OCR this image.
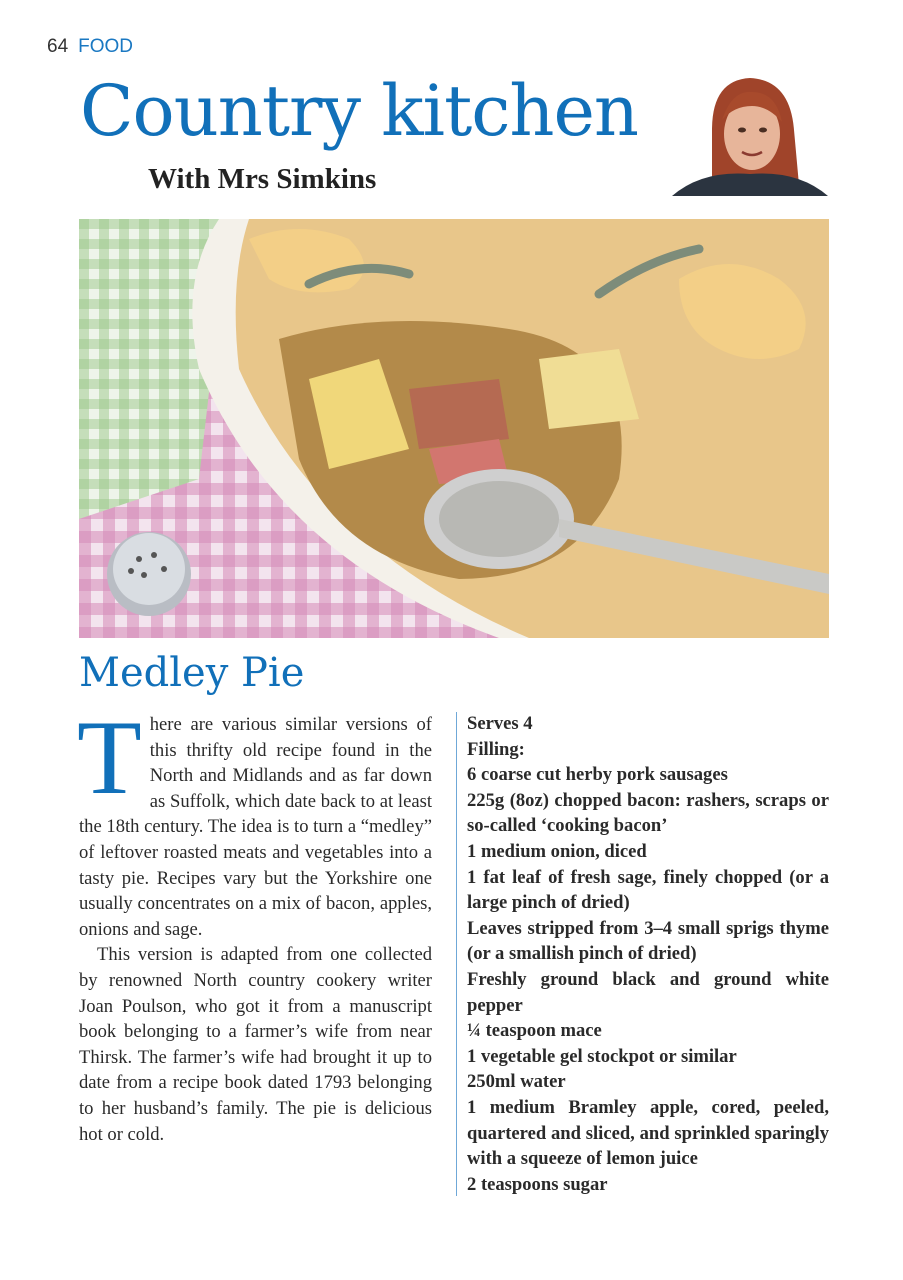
64 FOOD
Country kitchen
With Mrs Simkins
Medley Pie

There are various similar versions of this thrifty old recipe found in the North and Midlands and as far down as Suffolk, which date back to at least the 18th century. The idea is to turn a “medley” of leftover roasted meats and vegetables into a tasty pie. Recipes vary but the Yorkshire one usually concentrates on a mix of bacon, apples, onions and sage.

This version is adapted from one collected by renowned North country cookery writer Joan Poulson, who got it from a manuscript book belonging to a farmer’s wife from near Thirsk. The farmer’s wife had brought it up to date from a recipe book dated 1793 belonging to her husband’s family. The pie is delicious hot or cold.

Serves 4
Filling:
6 coarse cut herby pork sausages
225g (8oz) chopped bacon: rashers, scraps or so-called ‘cooking bacon’
1 medium onion, diced
1 fat leaf of fresh sage, finely chopped (or a large pinch of dried)
Leaves stripped from 3–4 small sprigs thyme (or a smallish pinch of dried)
Freshly ground black and ground white pepper
¼ teaspoon mace
1 vegetable gel stockpot or similar
250ml water
1 medium Bramley apple, cored, peeled, quartered and sliced, and sprinkled sparingly with a squeeze of lemon juice
2 teaspoons sugar
